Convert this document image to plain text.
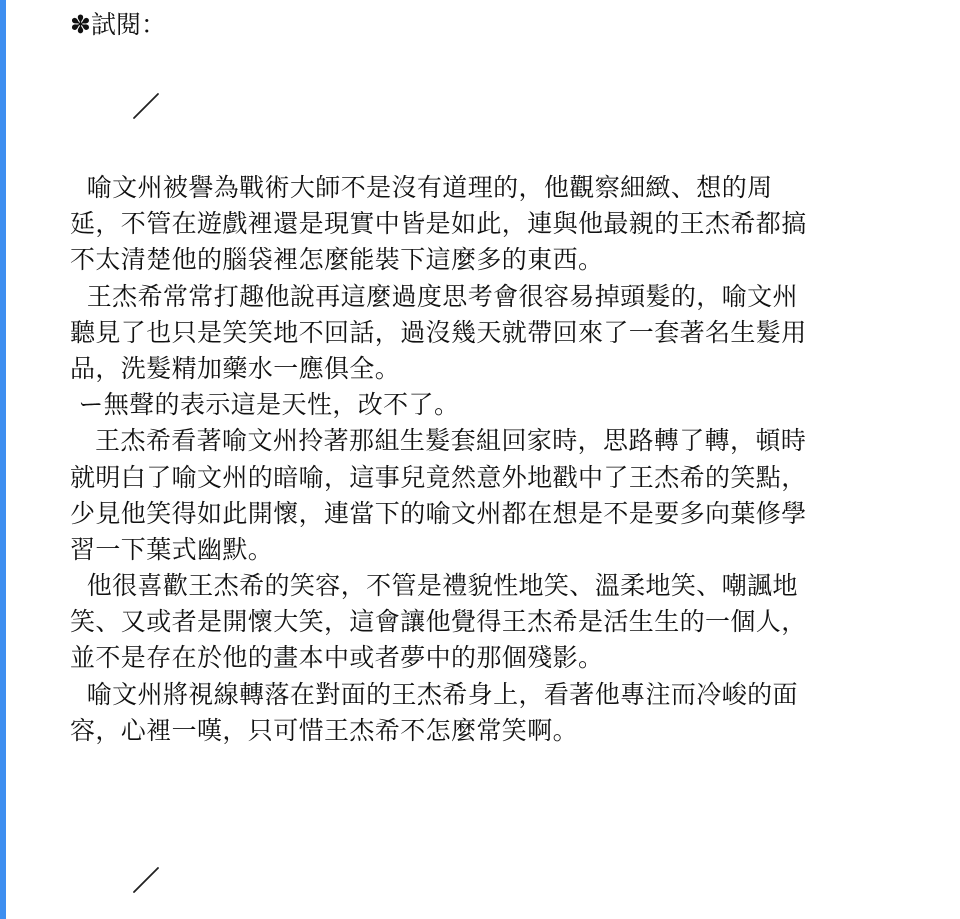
✽試閱：
喻文州被譽為戰術大師不是沒有道理的，他觀察細緻、想的周
延，不管在遊戲裡還是現實中皆是如此，連與他最親的王杰希都搞
不太清楚他的腦袋裡怎麼能裝下這麼多的東西。
王杰希常常打趣他說再這麼過度思考會很容易掉頭髮的，喻文州
聽見了也只是笑笑地不回話，過沒幾天就帶回來了一套著名生髮用
品，洗髮精加藥水一應俱全。
ー無聲的表示這是天性，改不了。
王杰希看著喻文州拎著那組生髮套組回家時，思路轉了轉，頓時
就明白了喻文州的暗喻，這事兒竟然意外地戳中了王杰希的笑點，
少見他笑得如此開懷，連當下的喻文州都在想是不是要多向葉修學
習一下葉式幽默。
他很喜歡王杰希的笑容，不管是禮貌性地笑、溫柔地笑、嘲諷地
笑、又或者是開懷大笑，這會讓他覺得王杰希是活生生的一個人，
並不是存在於他的畫本中或者夢中的那個殘影。
喻文州將視線轉落在對面的王杰希身上，看著他專注而冷峻的面
容，心裡一嘆，只可惜王杰希不怎麼常笑啊。
